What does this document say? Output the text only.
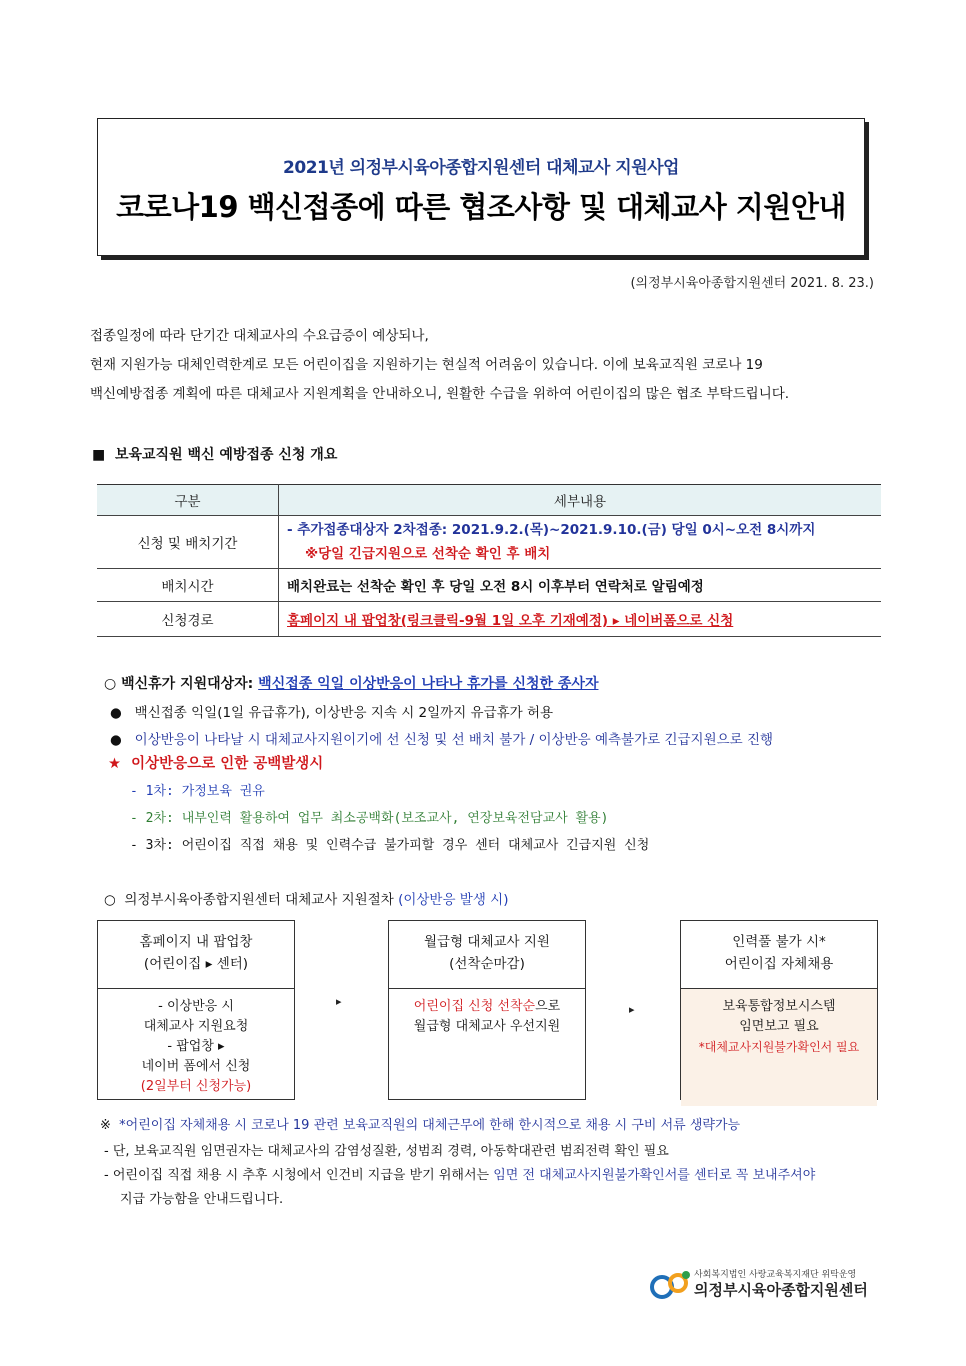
2021년 의정부시육아종합지원센터 대체교사 지원사업
코로나19 백신접종에 따른 협조사항 및 대체교사 지원안내
(의정부시육아종합지원센터 2021. 8. 23.)
접종일정에 따라 단기간 대체교사의 수요급증이 예상되나,
현재 지원가능 대체인력한계로 모든 어린이집을 지원하기는 현실적 어려움이 있습니다. 이에 보육교직원 코로나 19
백신예방접종 계획에 따른 대체교사 지원계획을 안내하오니, 원활한 수급을 위하여 어린이집의 많은 협조 부탁드립니다.
■ 보육교직원 백신 예방접종 신청 개요
구분	세부내용
신청 및 배치기간	- 추가접종대상자 2차접종: 2021.9.2.(목)~2021.9.10.(금) 당일 0시~오전 8시까지
※당일 긴급지원으로 선착순 확인 후 배치

배치시간	배치완료는 선착순 확인 후 당일 오전 8시 이후부터 연락처로 알림예정
신청경로	홈페이지 내 팝업창(링크클릭-9월 1일 오후 기재예정) ▸ 네이버폼으로 신청
○ 백신휴가 지원대상자: 백신접종 익일 이상반응이 나타나 휴가를 신청한 종사자
● 백신접종 익일(1일 유급휴가), 이상반응 지속 시 2일까지 유급휴가 허용
● 이상반응이 나타날 시 대체교사지원이기에 선 신청 및 선 배치 불가 / 이상반응 예측불가로 긴급지원으로 진행
★ 이상반응으로 인한 공백발생시
- 1차: 가정보육 권유
- 2차: 내부인력 활용하여 업무 최소공백화(보조교사, 연장보육전담교사 활용)
- 3차: 어린이집 직접 채용 및 인력수급 불가피할 경우 센터 대체교사 긴급지원 신청
○ 의정부시육아종합지원센터 대체교사 지원절차 (이상반응 발생 시)
홈페이지 내 팝업창
(어린이집 ▸ 센터)
- 이상반응 시
대체교사 지원요청
- 팝업창 ▸
네이버 폼에서 신청
(2일부터 신청가능)
▸
월급형 대체교사 지원
(선착순마감)
어린이집 신청 선착순으로
월급형 대체교사 우선지원
▸
인력풀 불가 시*
어린이집 자체채용
보육통합정보시스템
임면보고 필요
*대체교사지원불가확인서 필요
※ *어린이집 자체채용 시 코로나 19 관련 보육교직원의 대체근무에 한해 한시적으로 채용 시 구비 서류 생략가능
- 단, 보육교직원 임면권자는 대체교사의 감염성질환, 성범죄 경력, 아동학대관련 범죄전력 확인 필요
- 어린이집 직접 채용 시 추후 시청에서 인건비 지급을 받기 위해서는 임면 전 대체교사지원불가확인서를 센터로 꼭 보내주셔야
지급 가능함을 안내드립니다.
사회복지법인 사랑교육복지재단 위탁운영
의정부시육아종합지원센터
